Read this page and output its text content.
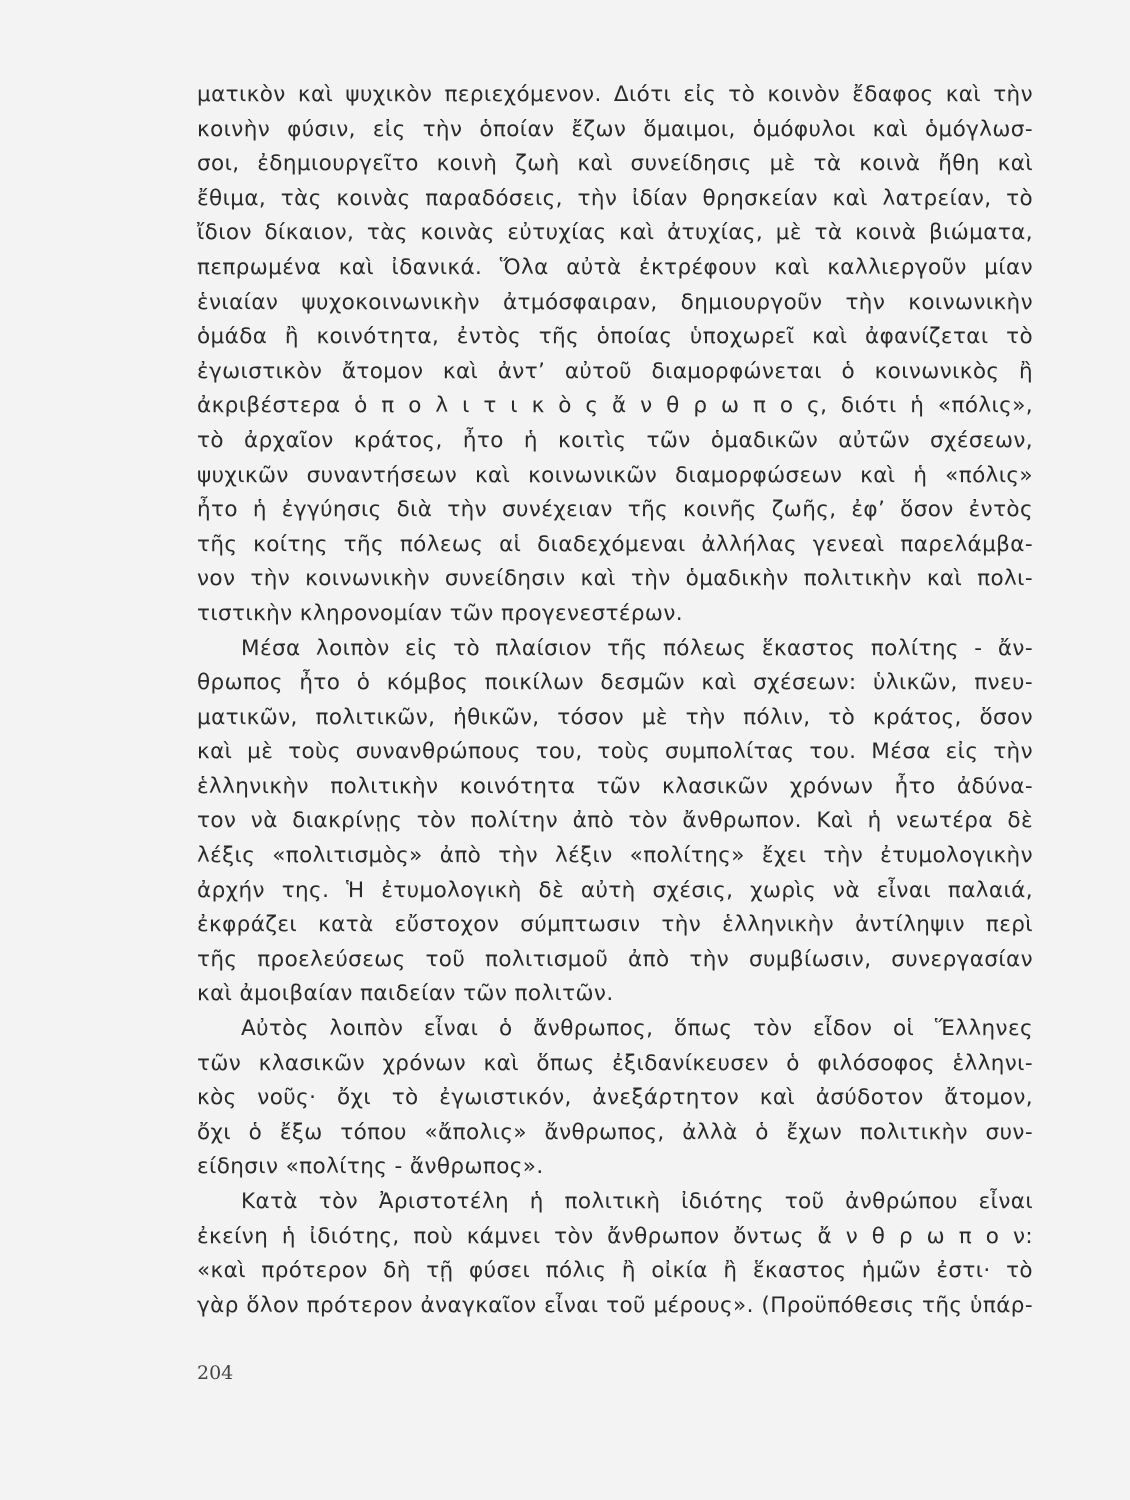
ματικὸν καὶ ψυχικὸν περιεχόμενον. Διότι εἰς τὸ κοινὸν ἔδαφος καὶ τὴν
κοινὴν φύσιν, εἰς τὴν ὁποίαν ἔζων ὅμαιμοι, ὁμόφυλοι καὶ ὁμόγλωσ-
σοι, ἐδημιουργεῖτο κοινὴ ζωὴ καὶ συνείδησις μὲ τὰ κοινὰ ἤθη καὶ
ἔθιμα, τὰς κοινὰς παραδόσεις, τὴν ἰδίαν θρησκείαν καὶ λατρείαν, τὸ
ἴδιον δίκαιον, τὰς κοινὰς εὐτυχίας καὶ ἀτυχίας, μὲ τὰ κοινὰ βιώματα,
πεπρωμένα καὶ ἰδανικά. Ὅλα αὐτὰ ἐκτρέφουν καὶ καλλιεργοῦν μίαν
ἑνιαίαν ψυχοκοινωνικὴν ἀτμόσφαιραν, δημιουργοῦν τὴν κοινωνικὴν
ὁμάδα ἢ κοινότητα, ἐντὸς τῆς ὁποίας ὑποχωρεῖ καὶ ἀφανίζεται τὸ
ἐγωιστικὸν ἄτομον καὶ ἀντ’ αὐτοῦ διαμορφώνεται ὁ κοινωνικὸς ἢ
ἀκριβέστερα ὁ π ο λ ι τ ι κ ὸ ς ἄ ν θ ρ ω π ο ς, διότι ἡ «πόλις»,
τὸ ἀρχαῖον κράτος, ἦτο ἡ κοιτὶς τῶν ὁμαδικῶν αὐτῶν σχέσεων,
ψυχικῶν συναντήσεων καὶ κοινωνικῶν διαμορφώσεων καὶ ἡ «πόλις»
ἦτο ἡ ἐγγύησις διὰ τὴν συνέχειαν τῆς κοινῆς ζωῆς, ἐφ’ ὅσον ἐντὸς
τῆς κοίτης τῆς πόλεως αἱ διαδεχόμεναι ἀλλήλας γενεαὶ παρελάμβα-
νον τὴν κοινωνικὴν συνείδησιν καὶ τὴν ὁμαδικὴν πολιτικὴν καὶ πολι-
τιστικὴν κληρονομίαν τῶν προγενεστέρων.
Μέσα λοιπὸν εἰς τὸ πλαίσιον τῆς πόλεως ἕκαστος πολίτης - ἄν-
θρωπος ἦτο ὁ κόμβος ποικίλων δεσμῶν καὶ σχέσεων: ὑλικῶν, πνευ-
ματικῶν, πολιτικῶν, ἠθικῶν, τόσον μὲ τὴν πόλιν, τὸ κράτος, ὅσον
καὶ μὲ τοὺς συνανθρώπους του, τοὺς συμπολίτας του. Μέσα εἰς τὴν
ἑλληνικὴν πολιτικὴν κοινότητα τῶν κλασικῶν χρόνων ἦτο ἀδύνα-
τον νὰ διακρίνῃς τὸν πολίτην ἀπὸ τὸν ἄνθρωπον. Καὶ ἡ νεωτέρα δὲ
λέξις «πολιτισμὸς» ἀπὸ τὴν λέξιν «πολίτης» ἔχει τὴν ἐτυμολογικὴν
ἀρχήν της. Ἡ ἐτυμολογικὴ δὲ αὐτὴ σχέσις, χωρὶς νὰ εἶναι παλαιά,
ἐκφράζει κατὰ εὔστοχον σύμπτωσιν τὴν ἑλληνικὴν ἀντίληψιν περὶ
τῆς προελεύσεως τοῦ πολιτισμοῦ ἀπὸ τὴν συμβίωσιν, συνεργασίαν
καὶ ἀμοιβαίαν παιδείαν τῶν πολιτῶν.
Αὐτὸς λοιπὸν εἶναι ὁ ἄνθρωπος, ὅπως τὸν εἶδον οἱ Ἕλληνες
τῶν κλασικῶν χρόνων καὶ ὅπως ἐξιδανίκευσεν ὁ φιλόσοφος ἑλληνι-
κὸς νοῦς· ὄχι τὸ ἐγωιστικόν, ἀνεξάρτητον καὶ ἀσύδοτον ἄτομον,
ὄχι ὁ ἔξω τόπου «ἄπολις» ἄνθρωπος, ἀλλὰ ὁ ἔχων πολιτικὴν συν-
είδησιν «πολίτης - ἄνθρωπος».
Κατὰ τὸν Ἀριστοτέλη ἡ πολιτικὴ ἰδιότης τοῦ ἀνθρώπου εἶναι
ἐκείνη ἡ ἰδιότης, ποὺ κάμνει τὸν ἄνθρωπον ὄντως ἄ ν θ ρ ω π ο ν:
«καὶ πρότερον δὴ τῇ φύσει πόλις ἢ οἰκία ἢ ἕκαστος ἡμῶν ἐστι· τὸ
γὰρ ὅλον πρότερον ἀναγκαῖον εἶναι τοῦ μέρους». (Προϋπόθεσις τῆς ὑπάρ-
204
